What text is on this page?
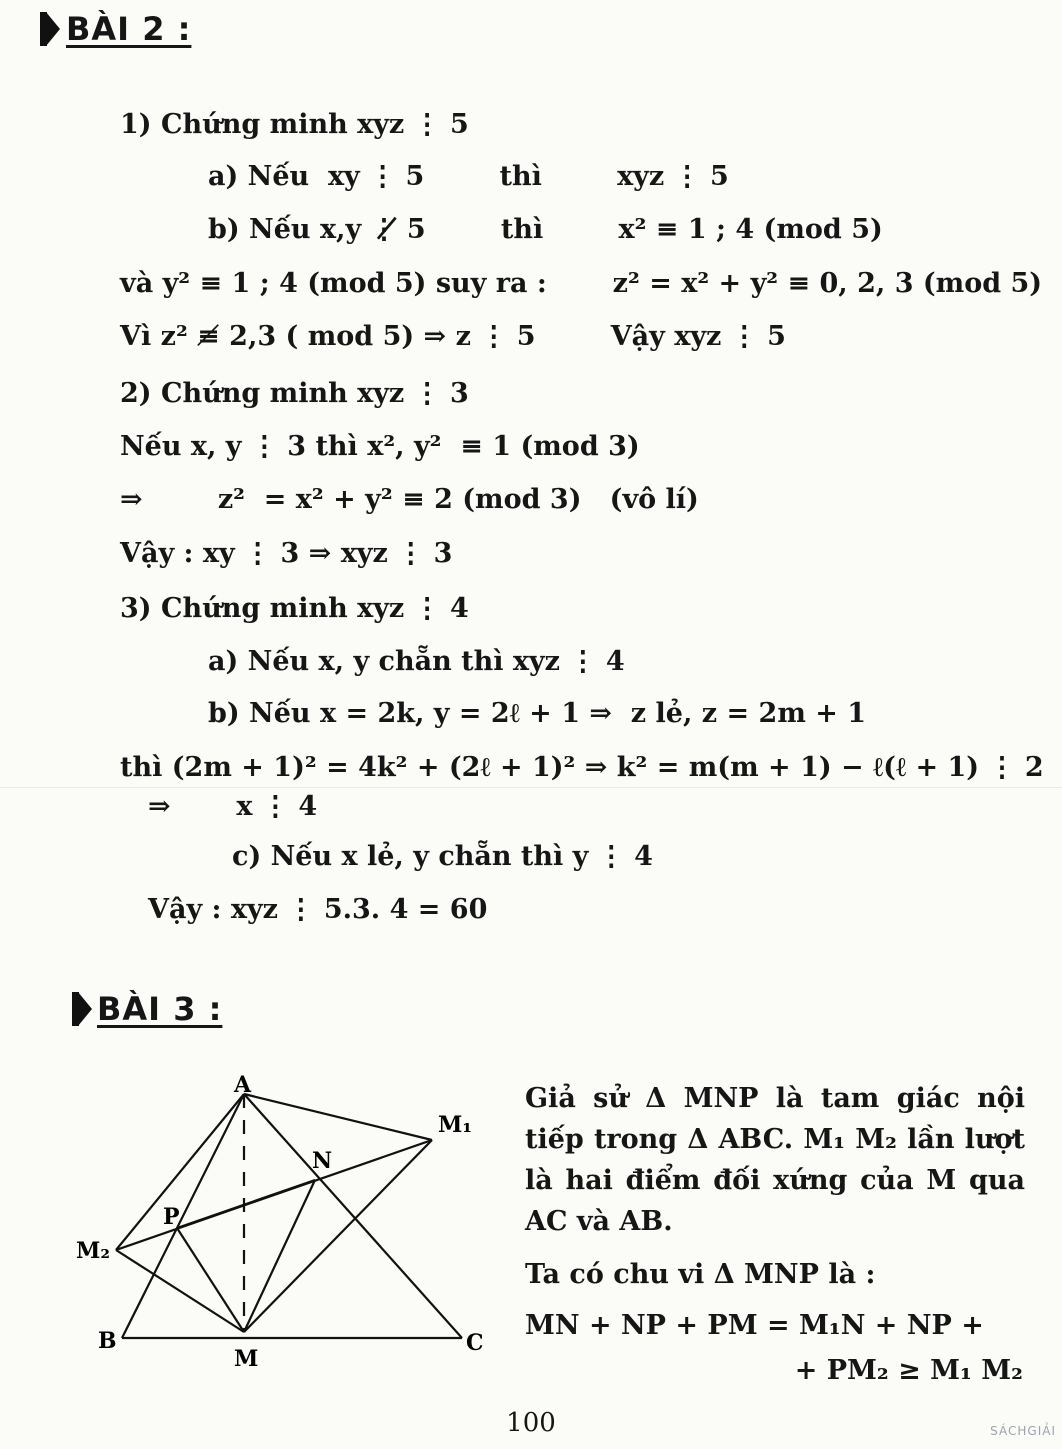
BÀI 2 :
1) Chứng minh xyz ⋮ 5
a) Nếu  xy ⋮ 5        thì        xyz ⋮ 5
b) Nếu x,y ⋮̸ 5        thì        x² ≡ 1 ; 4 (mod 5)
và y² ≡ 1 ; 4 (mod 5) suy ra :       z² = x² + y² ≡ 0, 2, 3 (mod 5)
Vì z² ≢ 2,3 ( mod 5) ⇒ z ⋮ 5        Vậy xyz ⋮ 5
2) Chứng minh xyz ⋮ 3
Nếu x, y ⋮ 3 thì x², y²  ≡ 1 (mod 3)
⇒        z²  = x² + y² ≡ 2 (mod 3)   (vô lí)
Vậy : xy ⋮ 3 ⇒ xyz ⋮ 3
3) Chứng minh xyz ⋮ 4
a) Nếu x, y chẵn thì xyz ⋮ 4
b) Nếu x = 2k, y = 2ℓ + 1 ⇒  z lẻ, z = 2m + 1
thì (2m + 1)² = 4k² + (2ℓ + 1)² ⇒ k² = m(m + 1) − ℓ(ℓ + 1) ⋮ 2
⇒       x ⋮ 4
c) Nếu x lẻ, y chẵn thì y ⋮ 4
Vậy : xyz ⋮ 5.3. 4 = 60
BÀI 3 :
A
M₁
N
P
M₂
B	C
M

Giả sử Δ MNP là tam giác nội tiếp trong Δ ABC. M₁ M₂ lần lượt là hai điểm đối xứng của M qua AC và AB.

Ta có chu vi Δ MNP là :

MN + NP + PM = M₁N + NP +

+ PM₂ ≥ M₁ M₂

100	SÁCHGIẢI
